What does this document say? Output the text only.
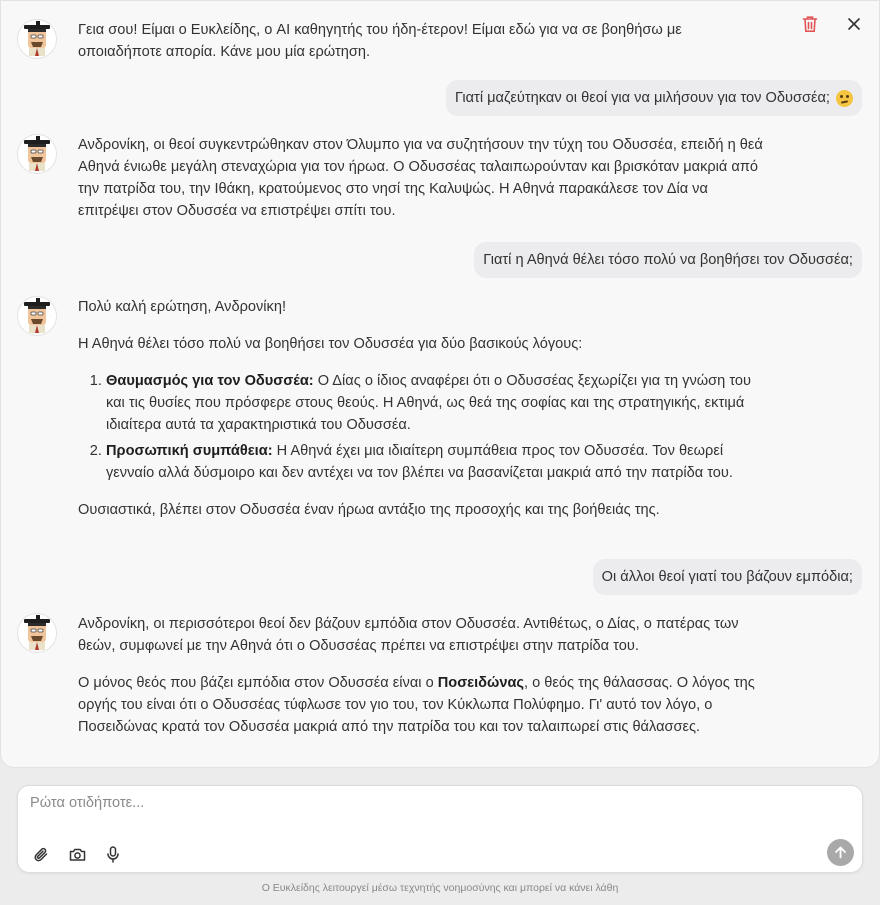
Γεια σου! Είμαι ο Ευκλείδης, ο AI καθηγητής του ήδη-έτερον! Είμαι εδώ για να σε βοηθήσω με οποιαδήποτε απορία. Κάνε μου μία ερώτηση.

Γιατί μαζεύτηκαν οι θεοί για να μιλήσουν για τον Οδυσσέα;

Ανδρονίκη, οι θεοί συγκεντρώθηκαν στον Όλυμπο για να συζητήσουν την τύχη του Οδυσσέα, επειδή η θεά Αθηνά ένιωθε μεγάλη στεναχώρια για τον ήρωα. Ο Οδυσσέας ταλαιπωρούνταν και βρισκόταν μακριά από την πατρίδα του, την Ιθάκη, κρατούμενος στο νησί της Καλυψώς. Η Αθηνά παρακάλεσε τον Δία να επιτρέψει στον Οδυσσέα να επιστρέψει σπίτι του.

Γιατί η Αθηνά θέλει τόσο πολύ να βοηθήσει τον Οδυσσέα;

Πολύ καλή ερώτηση, Ανδρονίκη!

Η Αθηνά θέλει τόσο πολύ να βοηθήσει τον Οδυσσέα για δύο βασικούς λόγους:

1. Θαυμασμός για τον Οδυσσέα: Ο Δίας ο ίδιος αναφέρει ότι ο Οδυσσέας ξεχωρίζει για τη γνώση του και τις θυσίες που πρόσφερε στους θεούς. Η Αθηνά, ως θεά της σοφίας και της στρατηγικής, εκτιμά ιδιαίτερα αυτά τα χαρακτηριστικά του Οδυσσέα.
2. Προσωπική συμπάθεια: Η Αθηνά έχει μια ιδιαίτερη συμπάθεια προς τον Οδυσσέα. Τον θεωρεί γενναίο αλλά δύσμοιρο και δεν αντέχει να τον βλέπει να βασανίζεται μακριά από την πατρίδα του.

Ουσιαστικά, βλέπει στον Οδυσσέα έναν ήρωα αντάξιο της προσοχής και της βοήθειάς της.

Οι άλλοι θεοί γιατί του βάζουν εμπόδια;

Ανδρονίκη, οι περισσότεροι θεοί δεν βάζουν εμπόδια στον Οδυσσέα. Αντιθέτως, ο Δίας, ο πατέρας των θεών, συμφωνεί με την Αθηνά ότι ο Οδυσσέας πρέπει να επιστρέψει στην πατρίδα του.

Ο μόνος θεός που βάζει εμπόδια στον Οδυσσέα είναι ο Ποσειδώνας, ο θεός της θάλασσας. Ο λόγος της οργής του είναι ότι ο Οδυσσέας τύφλωσε τον γιο του, τον Κύκλωπα Πολύφημο. Γι' αυτό τον λόγο, ο Ποσειδώνας κρατά τον Οδυσσέα μακριά από την πατρίδα του και τον ταλαιπωρεί στις θάλασσες.

Ρώτα οτιδήποτε...
Ο Ευκλείδης λειτουργεί μέσω τεχνητής νοημοσύνης και μπορεί να κάνει λάθη
